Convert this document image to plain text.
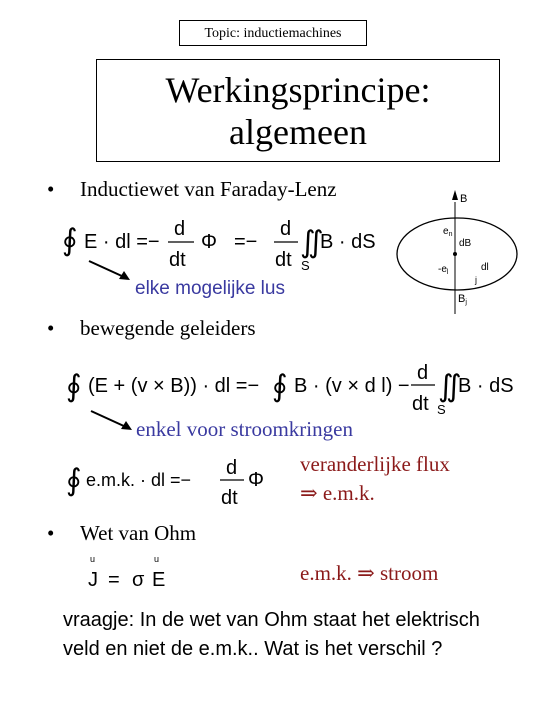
Topic: inductiemachines
Werkingsprincipe:
algemeen
• Inductiewet van Faraday-Lenz
∮ E · dl =−
d
dt
Φ =−
d
dt
∬
S
B · dS
elke mogelijke lus
B
$e_n$
dB
$-e_l$	dl
j
Bj
• bewegende geleiders
∮ (E + (v × B)) · dl =− ∮ B · (v × d l) −
d
dt
∬
S
B · dS
enkel voor stroomkringen
∮ e.m.k. · dl =−
d
dt
Φ
veranderlijke flux
⇒ e.m.k.
• Wet van Ohm
u
J = σ
u
E	e.m.k. ⇒ stroom
vraagje: In de wet van Ohm staat het elektrisch
veld en niet de e.m.k.. Wat is het verschil ?
